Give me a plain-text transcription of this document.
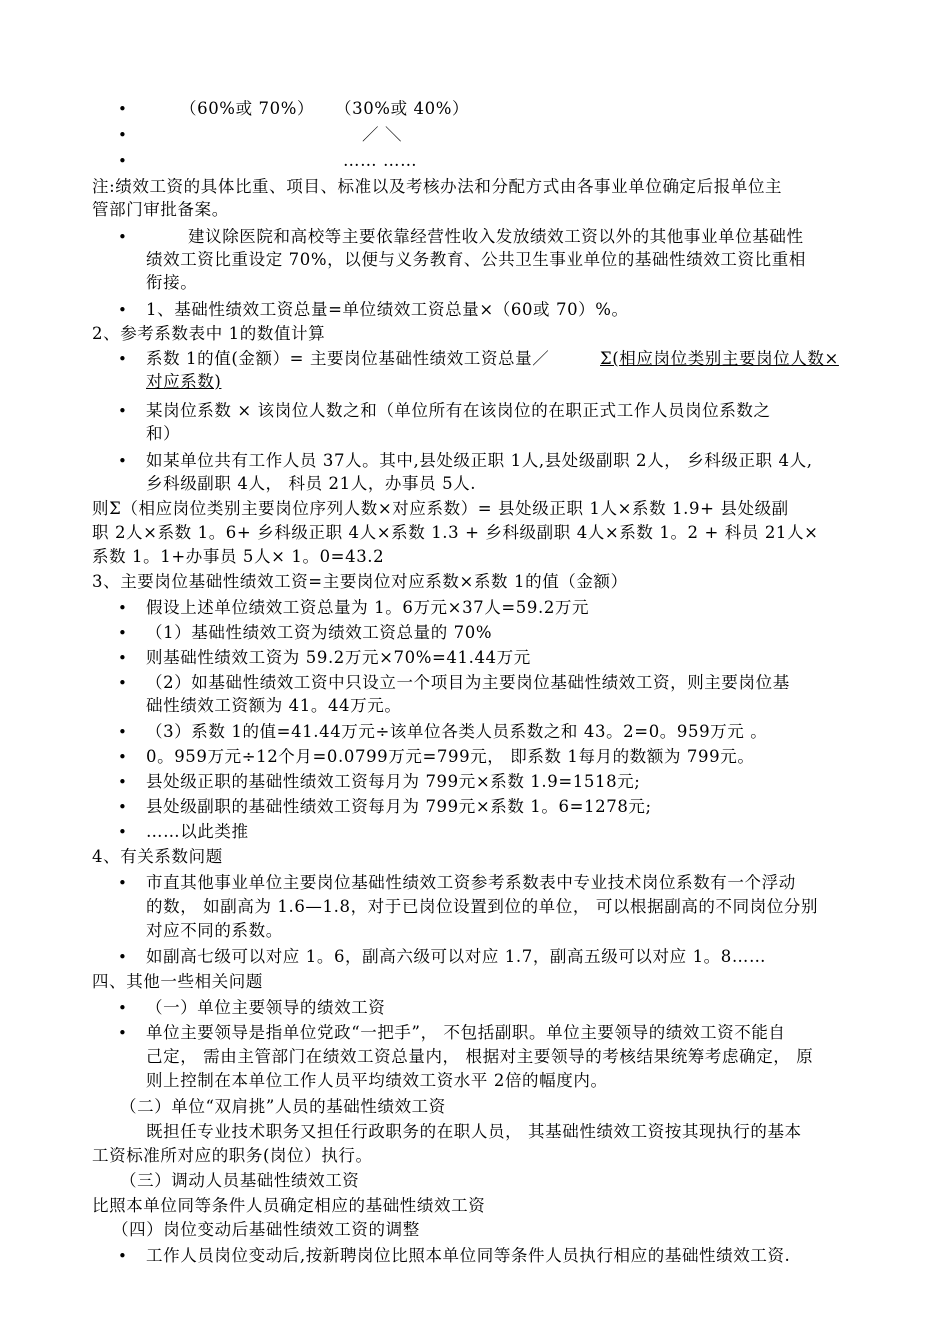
•	（60%或 70%） （30%或 40%）
•	／ ＼
•	…… ……
注:绩效工资的具体比重、项目、标准以及考核办法和分配方式由各事业单位确定后报单位主
管部门审批备案。
•	建议除医院和高校等主要依靠经营性收入发放绩效工资以外的其他事业单位基础性
绩效工资比重设定 70%，以便与义务教育、公共卫生事业单位的基础性绩效工资比重相
衔接。
• 1、基础性绩效工资总量=单位绩效工资总量×（60或 70）%。
2、参考系数表中 1的数值计算
• 系数 1的值(金额）= 主要岗位基础性绩效工资总量／	Σ(相应岗位类别主要岗位人数×
对应系数)
• 某岗位系数 × 该岗位人数之和（单位所有在该岗位的在职正式工作人员岗位系数之
和）
• 如某单位共有工作人员 37人。其中,县处级正职 1人,县处级副职 2人， 乡科级正职 4人,
乡科级副职 4人， 科员 21人，办事员 5人.
则Σ（相应岗位类别主要岗位序列人数×对应系数）= 县处级正职 1人×系数 1.9+ 县处级副
职 2人×系数 1。6+ 乡科级正职 4人×系数 1.3 + 乡科级副职 4人×系数 1。2 + 科员 21人×
系数 1。1+办事员 5人× 1。0=43.2
3、主要岗位基础性绩效工资=主要岗位对应系数×系数 1的值（金额）
• 假设上述单位绩效工资总量为 1。6万元×37人=59.2万元
• （1）基础性绩效工资为绩效工资总量的 70%
• 则基础性绩效工资为 59.2万元×70%=41.44万元
• （2）如基础性绩效工资中只设立一个项目为主要岗位基础性绩效工资，则主要岗位基
础性绩效工资额为 41。44万元。
• （3）系数 1的值=41.44万元÷该单位各类人员系数之和 43。2=0。959万元 。
• 0。959万元÷12个月=0.0799万元=799元， 即系数 1每月的数额为 799元。
• 县处级正职的基础性绩效工资每月为 799元×系数 1.9=1518元;
• 县处级副职的基础性绩效工资每月为 799元×系数 1。6=1278元;
• ……以此类推
4、有关系数问题
• 市直其他事业单位主要岗位基础性绩效工资参考系数表中专业技术岗位系数有一个浮动
的数， 如副高为 1.6—1.8，对于已岗位设置到位的单位， 可以根据副高的不同岗位分别
对应不同的系数。
• 如副高七级可以对应 1。6，副高六级可以对应 1.7，副高五级可以对应 1。8……
四、其他一些相关问题
• （一）单位主要领导的绩效工资
• 单位主要领导是指单位党政“一把手”， 不包括副职。单位主要领导的绩效工资不能自
己定， 需由主管部门在绩效工资总量内， 根据对主要领导的考核结果统筹考虑确定， 原
则上控制在本单位工作人员平均绩效工资水平 2倍的幅度内。
（二）单位“双肩挑”人员的基础性绩效工资
既担任专业技术职务又担任行政职务的在职人员， 其基础性绩效工资按其现执行的基本
工资标准所对应的职务(岗位）执行。
（三）调动人员基础性绩效工资
比照本单位同等条件人员确定相应的基础性绩效工资
（四）岗位变动后基础性绩效工资的调整
• 工作人员岗位变动后,按新聘岗位比照本单位同等条件人员执行相应的基础性绩效工资.
